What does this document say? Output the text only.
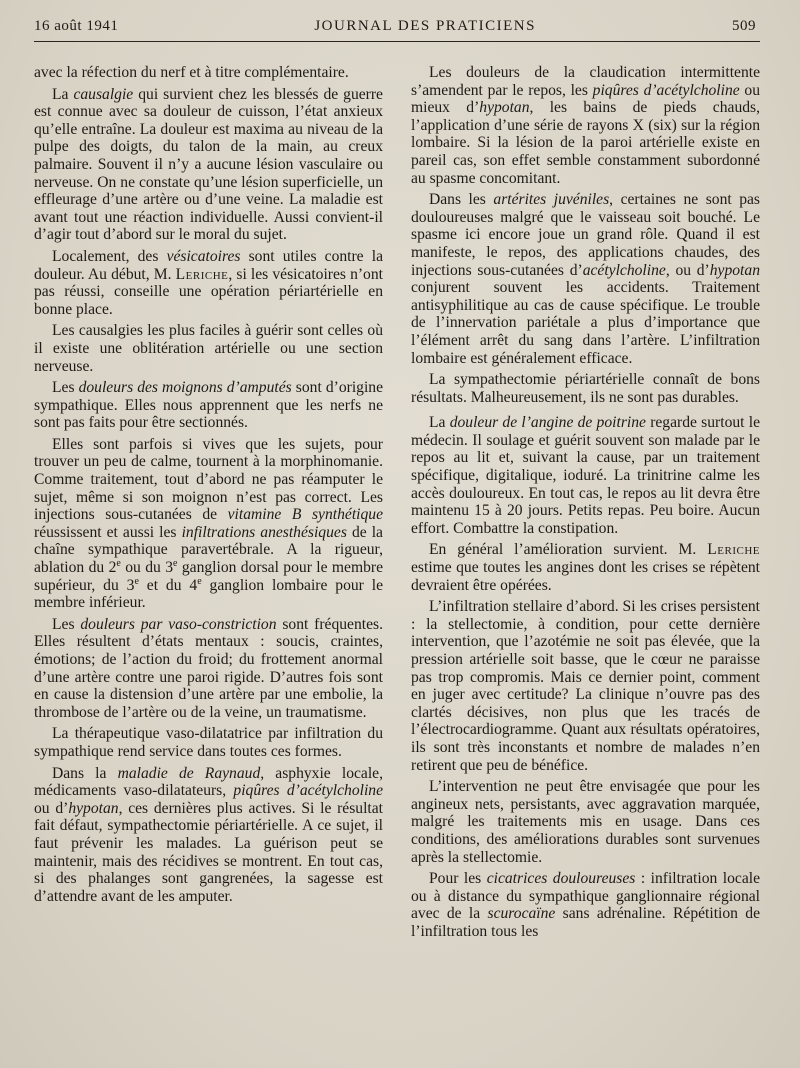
16 août 1941	JOURNAL DES PRATICIENS	509

avec la réfection du nerf et à titre complémentaire.

La causalgie qui survient chez les blessés de guerre est connue avec sa douleur de cuisson, l’état anxieux qu’elle entraîne. La douleur est maxima au niveau de la pulpe des doigts, du talon de la main, au creux palmaire. Souvent il n’y a aucune lésion vasculaire ou nerveuse. On ne constate qu’une lésion superficielle, un effleurage d’une artère ou d’une veine. La maladie est avant tout une réaction individuelle. Aussi convient-il d’agir tout d’abord sur le moral du sujet.

Localement, des vésicatoires sont utiles contre la douleur. Au début, M. Leriche, si les vésicatoires n’ont pas réussi, conseille une opération périartérielle en bonne place.

Les causalgies les plus faciles à guérir sont celles où il existe une oblitération artérielle ou une section nerveuse.

Les douleurs des moignons d’amputés sont d’origine sympathique. Elles nous apprennent que les nerfs ne sont pas faits pour être sectionnés.

Elles sont parfois si vives que les sujets, pour trouver un peu de calme, tournent à la morphinomanie. Comme traitement, tout d’abord ne pas réamputer le sujet, même si son moignon n’est pas correct. Les injections sous-cutanées de vitamine B synthétique réussissent et aussi les infiltrations anesthésiques de la chaîne sympathique paravertébrale. A la rigueur, ablation du 2e ou du 3e ganglion dorsal pour le membre supérieur, du 3e et du 4e ganglion lombaire pour le membre inférieur.

Les douleurs par vaso-constriction sont fréquentes. Elles résultent d’états mentaux : soucis, craintes, émotions; de l’action du froid; du frottement anormal d’une artère contre une paroi rigide. D’autres fois sont en cause la distension d’une artère par une embolie, la thrombose de l’artère ou de la veine, un traumatisme.

La thérapeutique vaso-dilatatrice par infiltration du sympathique rend service dans toutes ces formes.

Dans la maladie de Raynaud, asphyxie locale, médicaments vaso-dilatateurs, piqûres d’acétylcholine ou d’hypotan, ces dernières plus actives. Si le résultat fait défaut, sympathectomie périartérielle. A ce sujet, il faut prévenir les malades. La guérison peut se maintenir, mais des récidives se montrent. En tout cas, si des phalanges sont gangrenées, la sagesse est d’attendre avant de les amputer.

Les douleurs de la claudication intermittente s’amendent par le repos, les piqûres d’acétylcholine ou mieux d’hypotan, les bains de pieds chauds, l’application d’une série de rayons X (six) sur la région lombaire. Si la lésion de la paroi artérielle existe en pareil cas, son effet semble constamment subordonné au spasme concomitant.

Dans les artérites juvéniles, certaines ne sont pas douloureuses malgré que le vaisseau soit bouché. Le spasme ici encore joue un grand rôle. Quand il est manifeste, le repos, des applications chaudes, des injections sous-cutanées d’acétylcholine, ou d’hypotan conjurent souvent les accidents. Traitement antisyphilitique au cas de cause spécifique. Le trouble de l’innervation pariétale a plus d’importance que l’élément arrêt du sang dans l’artère. L’infiltration lombaire est généralement efficace.

La sympathectomie périartérielle connaît de bons résultats. Malheureusement, ils ne sont pas durables.

La douleur de l’angine de poitrine regarde surtout le médecin. Il soulage et guérit souvent son malade par le repos au lit et, suivant la cause, par un traitement spécifique, digitalique, ioduré. La trinitrine calme les accès douloureux. En tout cas, le repos au lit devra être maintenu 15 à 20 jours. Petits repas. Peu boire. Aucun effort. Combattre la constipation.

En général l’amélioration survient. M. Leriche estime que toutes les angines dont les crises se répètent devraient être opérées.

L’infiltration stellaire d’abord. Si les crises persistent : la stellectomie, à condition, pour cette dernière intervention, que l’azotémie ne soit pas élevée, que la pression artérielle soit basse, que le cœur ne paraisse pas trop compromis. Mais ce dernier point, comment en juger avec certitude? La clinique n’ouvre pas des clartés décisives, non plus que les tracés de l’électrocardiogramme. Quant aux résultats opératoires, ils sont très inconstants et nombre de malades n’en retirent que peu de bénéfice.

L’intervention ne peut être envisagée que pour les angineux nets, persistants, avec aggravation marquée, malgré les traitements mis en usage. Dans ces conditions, des améliorations durables sont survenues après la stellectomie.

Pour les cicatrices douloureuses : infiltration locale ou à distance du sympathique ganglionnaire régional avec de la scurocaïne sans adrénaline. Répétition de l’infiltration tous les
